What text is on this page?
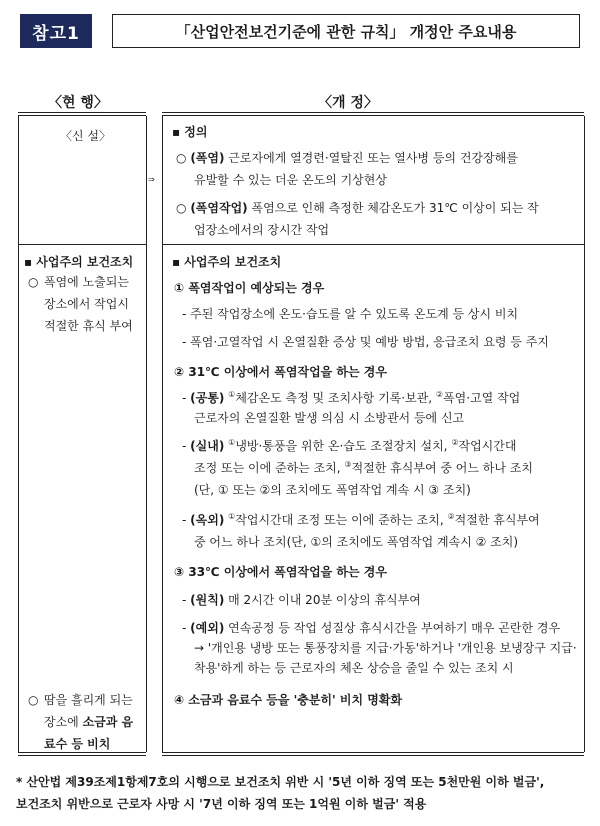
참고1	「산업안전보건기준에 관한 규칙」 개정안 주요내용
〈현 행〉	〈개 정〉
〈신 설〉
⇒
▪ 정의
○ (폭염) 근로자에게 열경련·열탈진 또는 열사병 등의 건강장해를
유발할 수 있는 더운 온도의 기상현상
○ (폭염작업) 폭염으로 인해 측정한 체감온도가 31℃ 이상이 되는 작
업장소에서의 장시간 작업
▪ 사업주의 보건조치
○ 폭염에 노출되는
장소에서 작업시
적절한 휴식 부여
○ 땀을 흘리게 되는
장소에 소금과 음
료수 등 비치
▪ 사업주의 보건조치
① 폭염작업이 예상되는 경우
- 주된 작업장소에 온도·습도를 알 수 있도록 온도계 등 상시 비치
- 폭염·고열작업 시 온열질환 증상 및 예방 방법, 응급조치 요령 등 주지
② 31℃ 이상에서 폭염작업을 하는 경우
- (공통) ①체감온도 측정 및 조치사항 기록·보관, ②폭염·고열 작업
근로자의 온열질환 발생 의심 시 소방관서 등에 신고
- (실내) ①냉방·통풍을 위한 온·습도 조절장치 설치, ②작업시간대
조정 또는 이에 준하는 조치, ③적절한 휴식부여 중 어느 하나 조치
(단, ① 또는 ②의 조치에도 폭염작업 계속 시 ③ 조치)
- (옥외) ①작업시간대 조정 또는 이에 준하는 조치, ②적절한 휴식부여
중 어느 하나 조치(단, ①의 조치에도 폭염작업 계속시 ② 조치)
③ 33℃ 이상에서 폭염작업을 하는 경우
- (원칙) 매 2시간 이내 20분 이상의 휴식부여
- (예외) 연속공정 등 작업 성질상 휴식시간을 부여하기 매우 곤란한 경우
→ '개인용 냉방 또는 통풍장치를 지급·가동'하거나 '개인용 보냉장구 지급·
착용'하게 하는 등 근로자의 체온 상승을 줄일 수 있는 조치 시
④ 소금과 음료수 등을 '충분히' 비치 명확화
* 산안법 제39조제1항제7호의 시행으로 보건조치 위반 시 '5년 이하 징역 또는 5천만원 이하 벌금',
보건조치 위반으로 근로자 사망 시 '7년 이하 징역 또는 1억원 이하 벌금' 적용
